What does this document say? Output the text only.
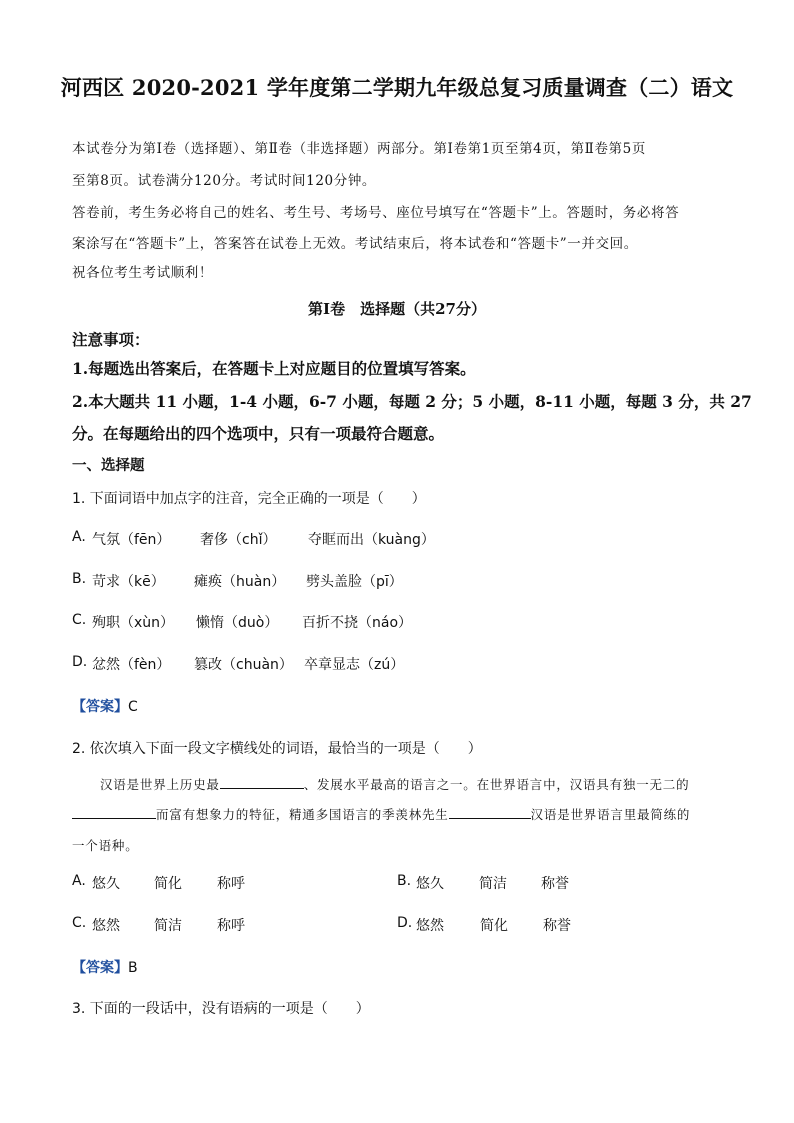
河西区 2020-2021 学年度第二学期九年级总复习质量调查（二）语文
本试卷分为第Ⅰ卷（选择题）、第Ⅱ卷（非选择题）两部分。第Ⅰ卷第1页至第4页，第Ⅱ卷第5页
至第8页。试卷满分120分。考试时间120分钟。
答卷前，考生务必将自己的姓名、考生号、考场号、座位号填写在“答题卡”上。答题时，务必将答
案涂写在“答题卡”上，答案答在试卷上无效。考试结束后，将本试卷和“答题卡”一并交回。
祝各位考生考试顺利！
第Ⅰ卷　选择题（共27分）
注意事项：
1.每题选出答案后，在答题卡上对应题目的位置填写答案。
2.本大题共 11 小题，1-4 小题，6-7 小题，每题 2 分；5 小题，8-11 小题，每题 3 分，共 27
分。在每题给出的四个选项中，只有一项最符合题意。
一、选择题
1. 下面词语中加点字的注音，完全正确的一项是（　　）
A. 气氛（fēn） 奢侈（chǐ） 夺眶而出（kuàng）
B. 苛求（kē） 瘫痪（huàn） 劈头盖脸（pī）
C. 殉职（xùn） 懒惰（duò） 百折不挠（náo）
D. 忿然（fèn） 篡改（chuàn） 卒章显志（zú）
【答案】C
2. 依次填入下面一段文字横线处的词语，最恰当的一项是（　　）
汉语是世界上历史最	、发展水平最高的语言之一。在世界语言中，汉语具有独一无二的
而富有想象力的特征，精通多国语言的季羡林先生	汉语是世界语言里最简练的
一个语种。
A. 悠久 简化	称呼	B. 悠久	简洁 称誉
C. 悠然 简洁	称呼	D. 悠然	简化	称誉
【答案】B
3. 下面的一段话中，没有语病的一项是（　　）
